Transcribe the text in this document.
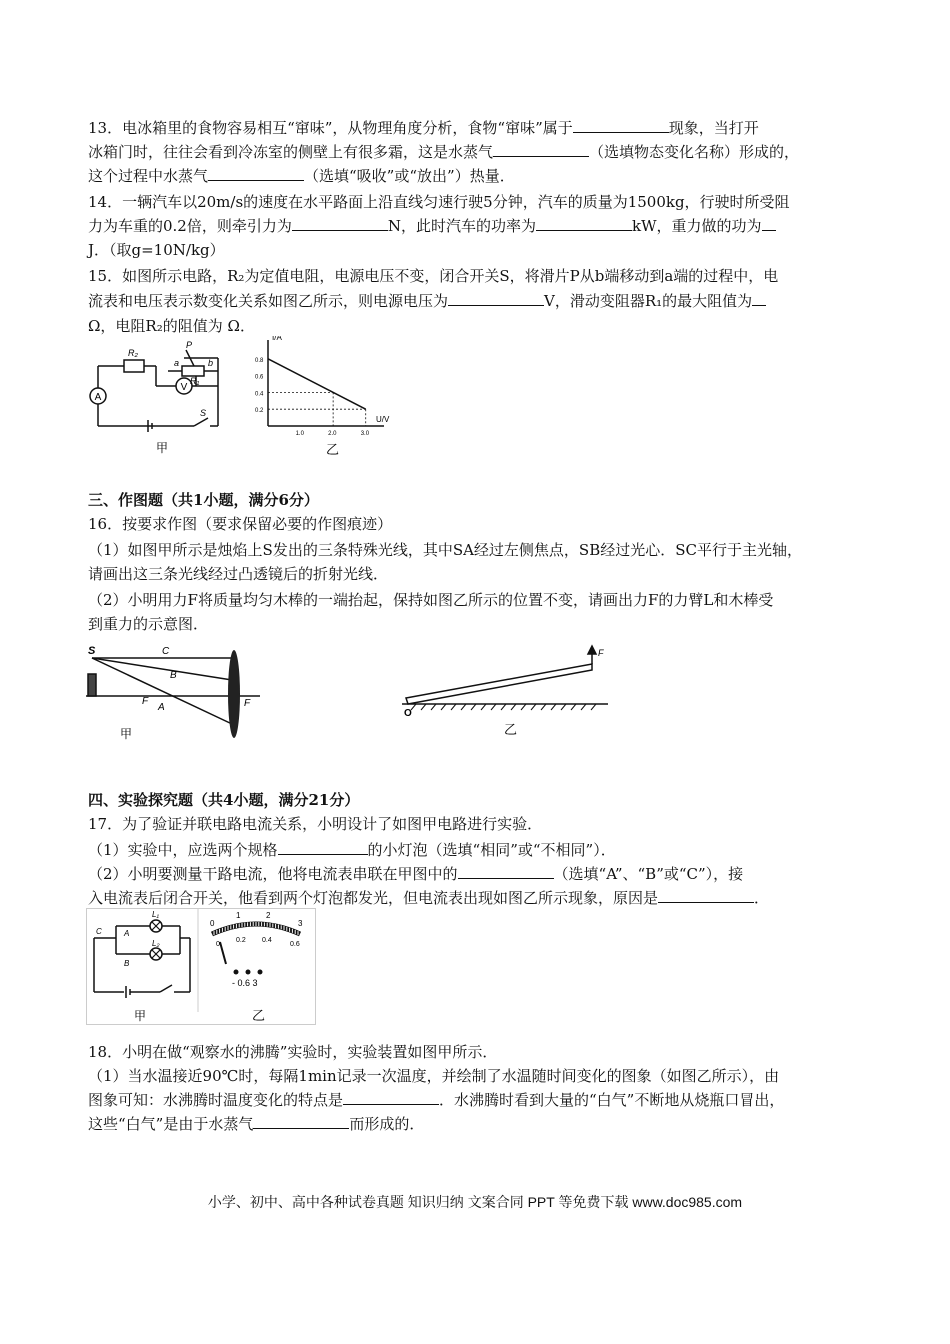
13．电冰箱里的食物容易相互“窜味”，从物理角度分析，食物“窜味”属于	现象，当打开
冰箱门时，往往会看到冷冻室的侧壁上有很多霜，这是水蒸气	（选填物态变化名称）形成的，
这个过程中水蒸气	（选填“吸收”或“放出”）热量．
14．一辆汽车以20m/s的速度在水平路面上沿直线匀速行驶5分钟，汽车的质量为1500kg，行驶时所受阻
力为车重的0.2倍，则牵引力为	N，此时汽车的功率为	kW，重力做的功为
J．（取g=10N/kg）
15．如图所示电路，R₂为定值电阻，电源电压不变，闭合开关S，将滑片P从b端移动到a端的过程中，电
流表和电压表示数变化关系如图乙所示，则电源电压为	V，滑动变阻器R₁的最大阻值为
Ω，电阻R₂的阻值为 Ω．
A
V
R₂
P
a	b
R₁
S
甲
0.2
0.4
0.6
0.8
1.0	2.0	3.0
I/A
U/V
乙
三、作图题（共1小题，满分6分）
16．按要求作图（要求保留必要的作图痕迹）
（1）如图甲所示是烛焰上S发出的三条特殊光线，其中SA经过左侧焦点，SB经过光心．SC平行于主光轴，
请画出这三条光线经过凸透镜后的折射光线．
（2）小明用力F将质量均匀木棒的一端抬起，保持如图乙所示的位置不变，请画出力F的力臂L和木棒受
到重力的示意图．
S	C
B
F
A	F
甲
F
O
乙
四、实验探究题（共4小题，满分21分）
17．为了验证并联电路电流关系，小明设计了如图甲电路进行实验．
（1）实验中，应选两个规格	的小灯泡（选填“相同”或“不相同”）．
（2）小明要测量干路电流，他将电流表串联在甲图中的	（选填“A”、“B”或“C”），接
入电流表后闭合开关，他看到两个灯泡都发光，但电流表出现如图乙所示现象，原因是	．
L₁
L₂
A
B
C
甲
0
1	2
3
0
0.2 0.4
0.6
- 0.6 3
乙
18．小明在做“观察水的沸腾”实验时，实验装置如图甲所示．
（1）当水温接近90℃时，每隔1min记录一次温度，并绘制了水温随时间变化的图象（如图乙所示），由
图象可知：水沸腾时温度变化的特点是	．水沸腾时看到大量的“白气”不断地从烧瓶口冒出，
这些“白气”是由于水蒸气	而形成的．
小学、初中、高中各种试卷真题 知识归纳 文案合同 PPT 等免费下载 www.doc985.com
